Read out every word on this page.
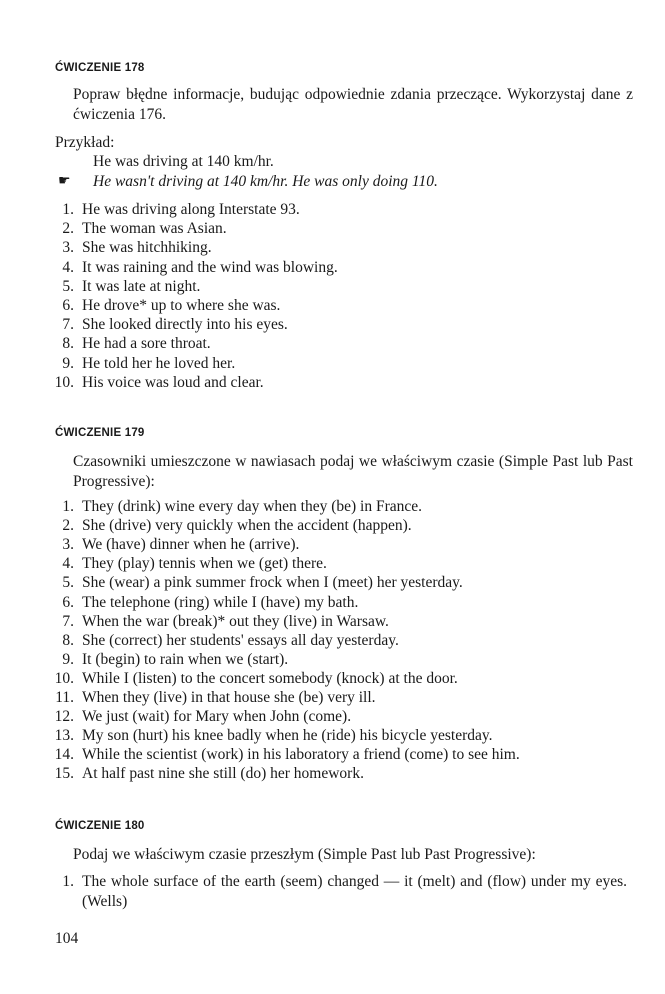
ĆWICZENIE 178
Popraw błędne informacje, budując odpowiednie zdania przeczące. Wykorzystaj dane z ćwiczenia 176.
Przykład:
He was driving at 140 km/hr.
☛ He wasn't driving at 140 km/hr. He was only doing 110.
1. He was driving along Interstate 93.
2. The woman was Asian.
3. She was hitchhiking.
4. It was raining and the wind was blowing.
5. It was late at night.
6. He drove* up to where she was.
7. She looked directly into his eyes.
8. He had a sore throat.
9. He told her he loved her.
10. His voice was loud and clear.
ĆWICZENIE 179
Czasowniki umieszczone w nawiasach podaj we właściwym czasie (Simple Past lub Past Progressive):
1. They (drink) wine every day when they (be) in France.
2. She (drive) very quickly when the accident (happen).
3. We (have) dinner when he (arrive).
4. They (play) tennis when we (get) there.
5. She (wear) a pink summer frock when I (meet) her yesterday.
6. The telephone (ring) while I (have) my bath.
7. When the war (break)* out they (live) in Warsaw.
8. She (correct) her students' essays all day yesterday.
9. It (begin) to rain when we (start).
10. While I (listen) to the concert somebody (knock) at the door.
11. When they (live) in that house she (be) very ill.
12. We just (wait) for Mary when John (come).
13. My son (hurt) his knee badly when he (ride) his bicycle yesterday.
14. While the scientist (work) in his laboratory a friend (come) to see him.
15. At half past nine she still (do) her homework.
ĆWICZENIE 180
Podaj we właściwym czasie przeszłym (Simple Past lub Past Progressive):
1. The whole surface of the earth (seem) changed — it (melt) and (flow) under my eyes. (Wells)
104
